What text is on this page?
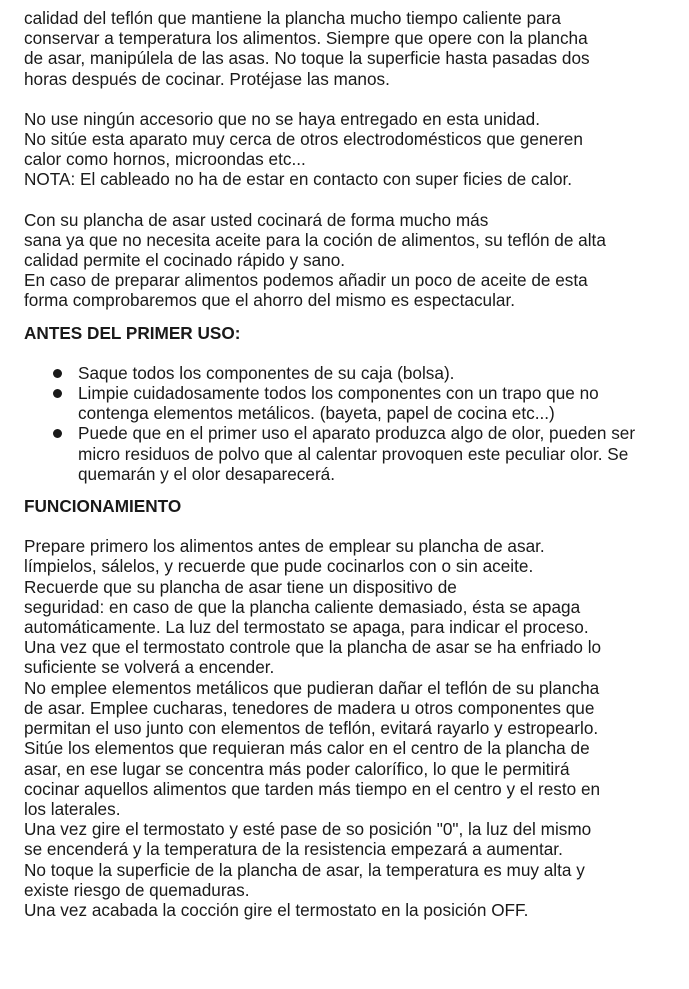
calidad del teflón que mantiene la plancha mucho tiempo caliente para
conservar a temperatura los alimentos. Siempre que opere con la plancha
de asar, manipúlela de las asas. No toque la superficie hasta pasadas dos
horas después de cocinar. Protéjase las manos.

No use ningún accesorio que no se haya entregado en esta unidad.
No sitúe esta aparato muy cerca de otros electrodomésticos que generen
calor como hornos, microondas etc...
NOTA: El cableado no ha de estar en contacto con super ficies de calor.

Con su plancha de asar usted cocinará de forma mucho más
sana ya que no necesita aceite para la coción de alimentos, su teflón de alta
calidad permite el cocinado rápido y sano.
En caso de preparar alimentos podemos añadir un poco de aceite de esta
forma comprobaremos que el ahorro del mismo es espectacular.

ANTES DEL PRIMER USO:
Saque todos los componentes de su caja (bolsa).
Limpie cuidadosamente todos los componentes con un trapo que no
contenga elementos metálicos. (bayeta, papel de cocina etc...)
Puede que en el primer uso el aparato produzca algo de olor, pueden ser
micro residuos de polvo que al calentar provoquen este peculiar olor. Se
quemarán y el olor desaparecerá.
FUNCIONAMIENTO

Prepare primero los alimentos antes de emplear su plancha de asar.
límpielos, sálelos, y recuerde que pude cocinarlos con o sin aceite.
Recuerde que su plancha de asar tiene un dispositivo de
seguridad: en caso de que la plancha caliente demasiado, ésta se apaga
automáticamente. La luz del termostato se apaga, para indicar el proceso.
Una vez que el termostato controle que la plancha de asar se ha enfriado lo
suficiente se volverá a encender.
No emplee elementos metálicos que pudieran dañar el teflón de su plancha
de asar. Emplee cucharas, tenedores de madera u otros componentes que
permitan el uso junto con elementos de teflón, evitará rayarlo y estropearlo.
Sitúe los elementos que requieran más calor en el centro de la plancha de
asar, en ese lugar se concentra más poder calorífico, lo que le permitirá
cocinar aquellos alimentos que tarden más tiempo en el centro y el resto en
los laterales.
Una vez gire el termostato y esté pase de so posición "0", la luz del mismo
se encenderá y la temperatura de la resistencia empezará a aumentar.
No toque la superficie de la plancha de asar, la temperatura es muy alta y
existe riesgo de quemaduras.
Una vez acabada la cocción gire el termostato en la posición OFF.
